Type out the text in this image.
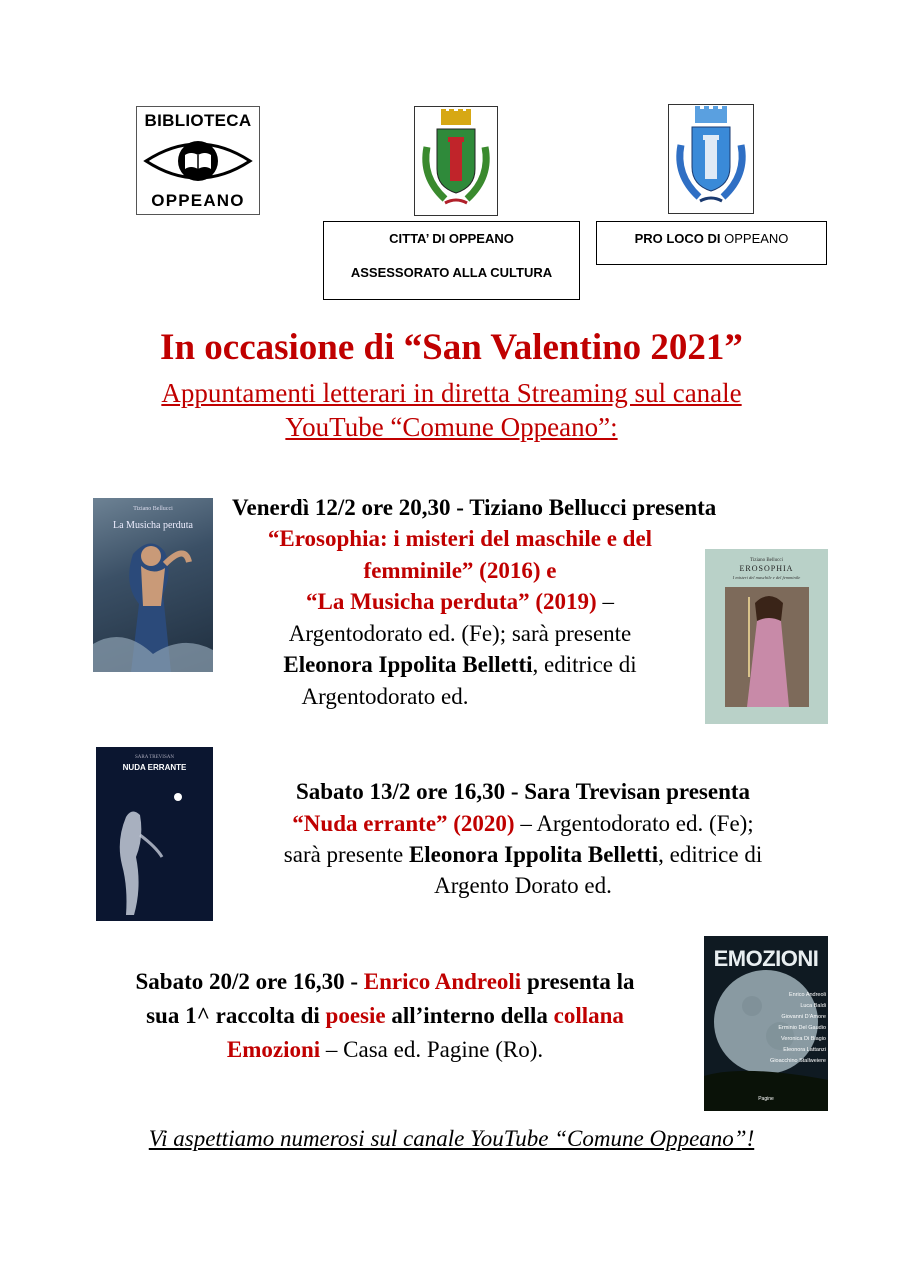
BIBLIOTECA
OPPEANO
CITTA’ DI OPPEANO
ASSESSORATO ALLA CULTURA
PRO LOCO DI OPPEANO
In occasione di “San Valentino 2021”
Appuntamenti letterari in diretta Streaming sul canale
YouTube “Comune Oppeano”:
Tiziano Bellucci
La Musicha perduta
Tiziano Bellucci
EROSOPHIA
I misteri del maschile e del femminile
SARA TREVISAN
NUDA ERRANTE
EMOZIONI
Enrico Andreoli
Luca Baldi
Giovanni D’Amore
Erminio Del Gaudio
Veronica Di Biagio
Eleonora Lattanzi
Gioacchino Stallweiere
Pagine
Venerdì 12/2 ore 20,30 - Tiziano Bellucci presenta
“Erosophia: i misteri del maschile e del
femminile” (2016) e
“La Musicha perduta” (2019) –
Argentodorato ed. (Fe); sarà presente
Eleonora Ippolita Belletti, editrice di
Argentodorato ed.
Sabato 13/2 ore 16,30 - Sara Trevisan presenta
“Nuda errante” (2020) – Argentodorato ed. (Fe);
sarà presente Eleonora Ippolita Belletti, editrice di
Argento Dorato ed.
Sabato 20/2 ore 16,30 - Enrico Andreoli presenta la
sua 1^ raccolta di poesie all’interno della collana
Emozioni – Casa ed. Pagine (Ro).
Vi aspettiamo numerosi sul canale YouTube “Comune Oppeano”!
